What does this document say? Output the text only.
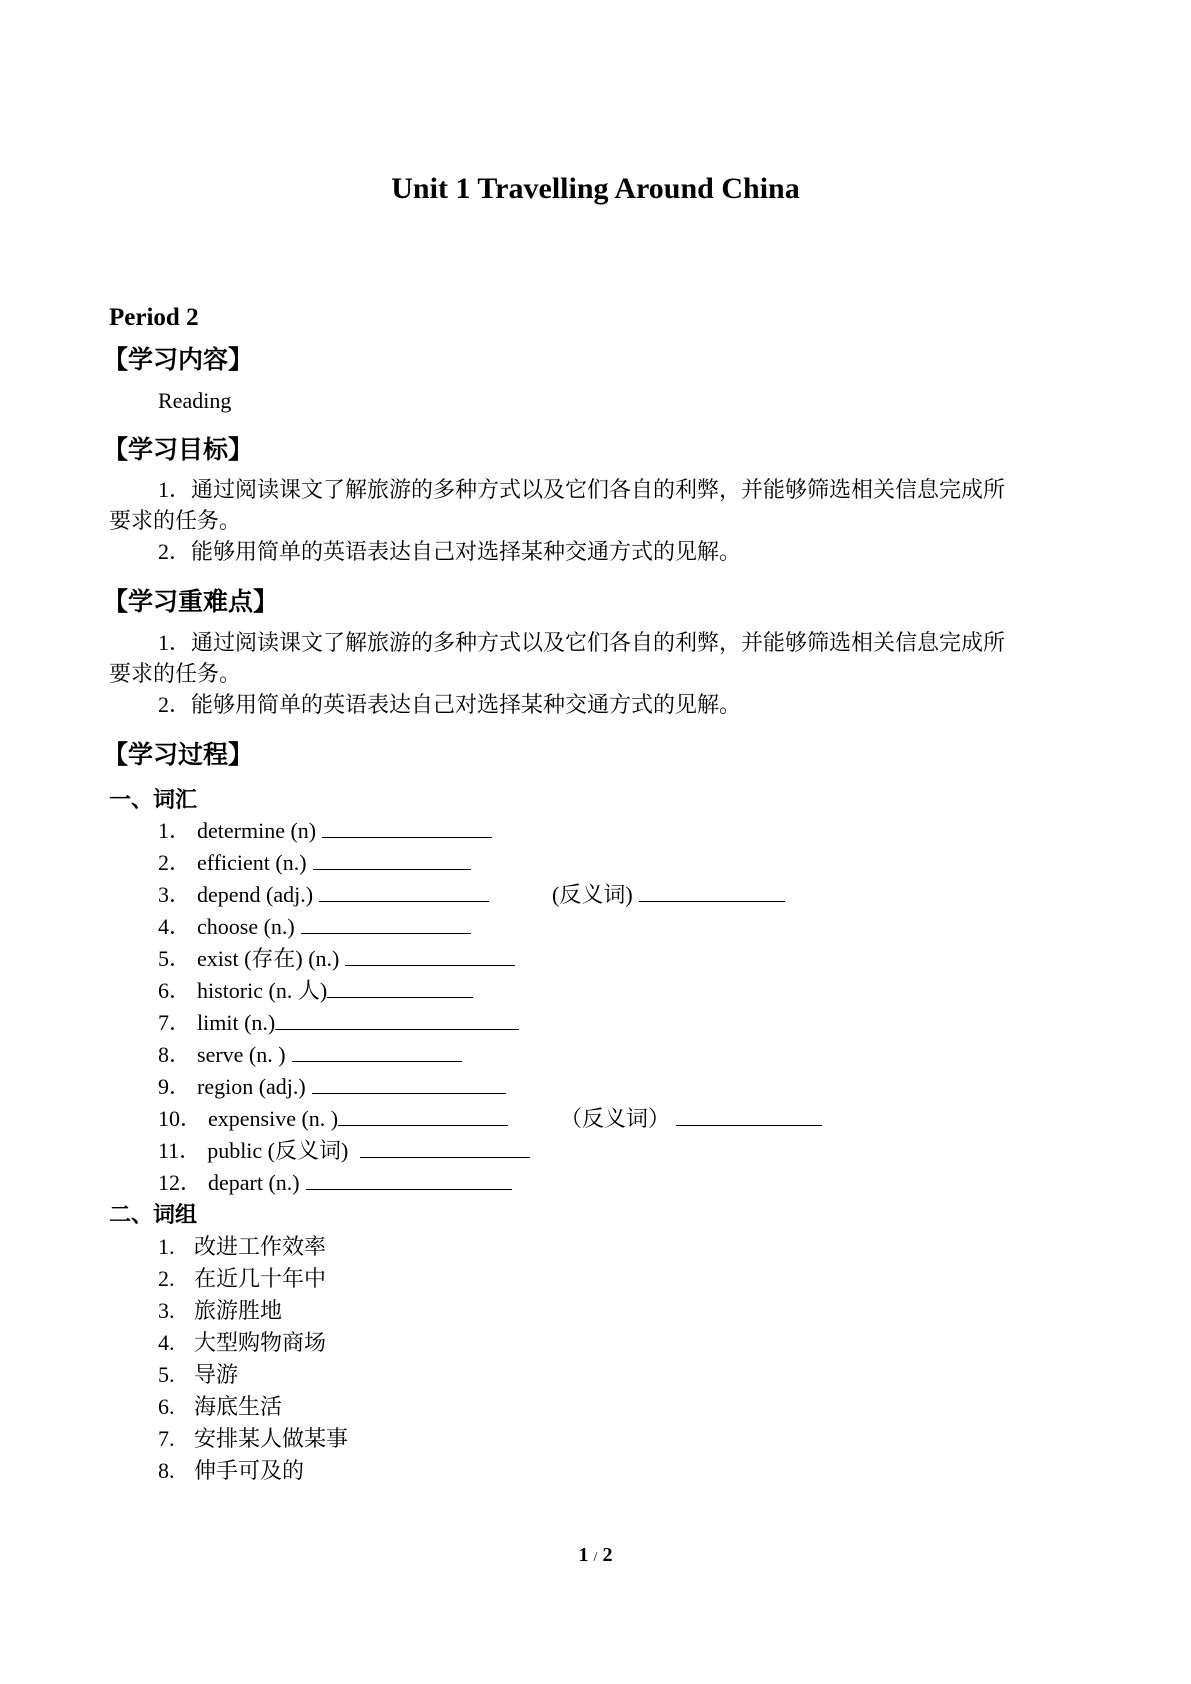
Unit 1 Travelling Around China
Period 2
【学习内容】
Reading
【学习目标】
1．通过阅读课文了解旅游的多种方式以及它们各自的利弊，并能够筛选相关信息完成所
要求的任务。
2．能够用简单的英语表达自己对选择某种交通方式的见解。
【学习重难点】
1．通过阅读课文了解旅游的多种方式以及它们各自的利弊，并能够筛选相关信息完成所
要求的任务。
2．能够用简单的英语表达自己对选择某种交通方式的见解。
【学习过程】
一、词汇
1． determine (n)
2． efficient (n.)
3． depend (adj.)	(反义词)
4． choose (n.)
5． exist (存在) (n.)
6． historic (n. 人)
7． limit (n.)
8． serve (n. )
9． region (adj.)
10． expensive (n. )	（反义词）
11． public (反义词)
12． depart (n.)
二、词组
1. 改进工作效率
2. 在近几十年中
3. 旅游胜地
4. 大型购物商场
5. 导游
6. 海底生活
7. 安排某人做某事
8. 伸手可及的
1 / 2
